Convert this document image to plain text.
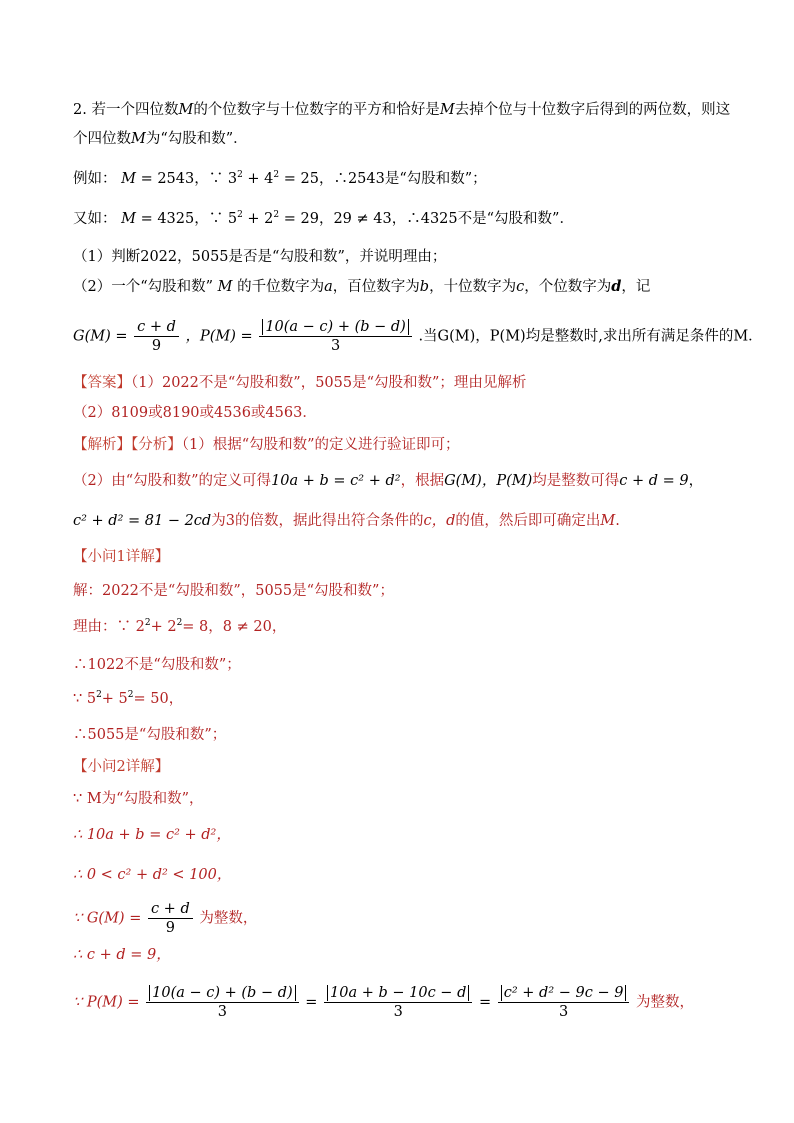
2. 若一个四位数M的个位数字与十位数字的平方和恰好是M去掉个位与十位数字后得到的两位数，则这
个四位数M为“勾股和数”．
例如： M = 2543，∵ $3^2 + 4^2 = 25$，∴2543是“勾股和数”；
又如： M = 4325，∵ $5^2 + 2^2 = 29$，29 ≠ 43，∴4325不是“勾股和数”．
（1）判断2022，5055是否是“勾股和数”，并说明理由；
（2）一个“勾股和数” M 的千位数字为a，百位数字为b，十位数字为c，个位数字为d，记
$G(M) = \frac{c + d}{9}$ ，$P(M) = \frac{10(a - c) + (b - d)}{3}$ .当G(M)，P(M)均是整数时,求出所有满足条件的M．
【答案】（1）2022不是“勾股和数”，5055是“勾股和数”；理由见解析
（2）8109或8190或4536或4563．
【解析】【分析】（1）根据“勾股和数”的定义进行验证即可；
（2）由“勾股和数”的定义可得10a + b = c² + d²，根据G(M)，P(M)均是整数可得c + d = 9，
c² + d² = 81 − 2cd为3的倍数，据此得出符合条件的c，d的值，然后即可确定出M.
【小问1详解】
解：2022不是“勾股和数”，5055是“勾股和数”；
理由：∵ $2^2+ 2^2= 8$，8 ≠ 20，
∴1022不是“勾股和数”；
∵ $5^2+ 5^2= 50$，
∴5055是“勾股和数”；
【小问2详解】
∵ M为“勾股和数”，
∴ 10a + b = c² + d²，
∴ 0 < c² + d² < 100，
∵ $G(M) = \frac{c + d}{9}$ 为整数，
∴ c + d = 9，
∵ $P(M) = \frac{10(a - c) + (b - d)}{3} = \frac{10a + b - 10c - d}{3} = \frac{\text{c² + d² − 9c − 9}}{3}$ 为整数，
